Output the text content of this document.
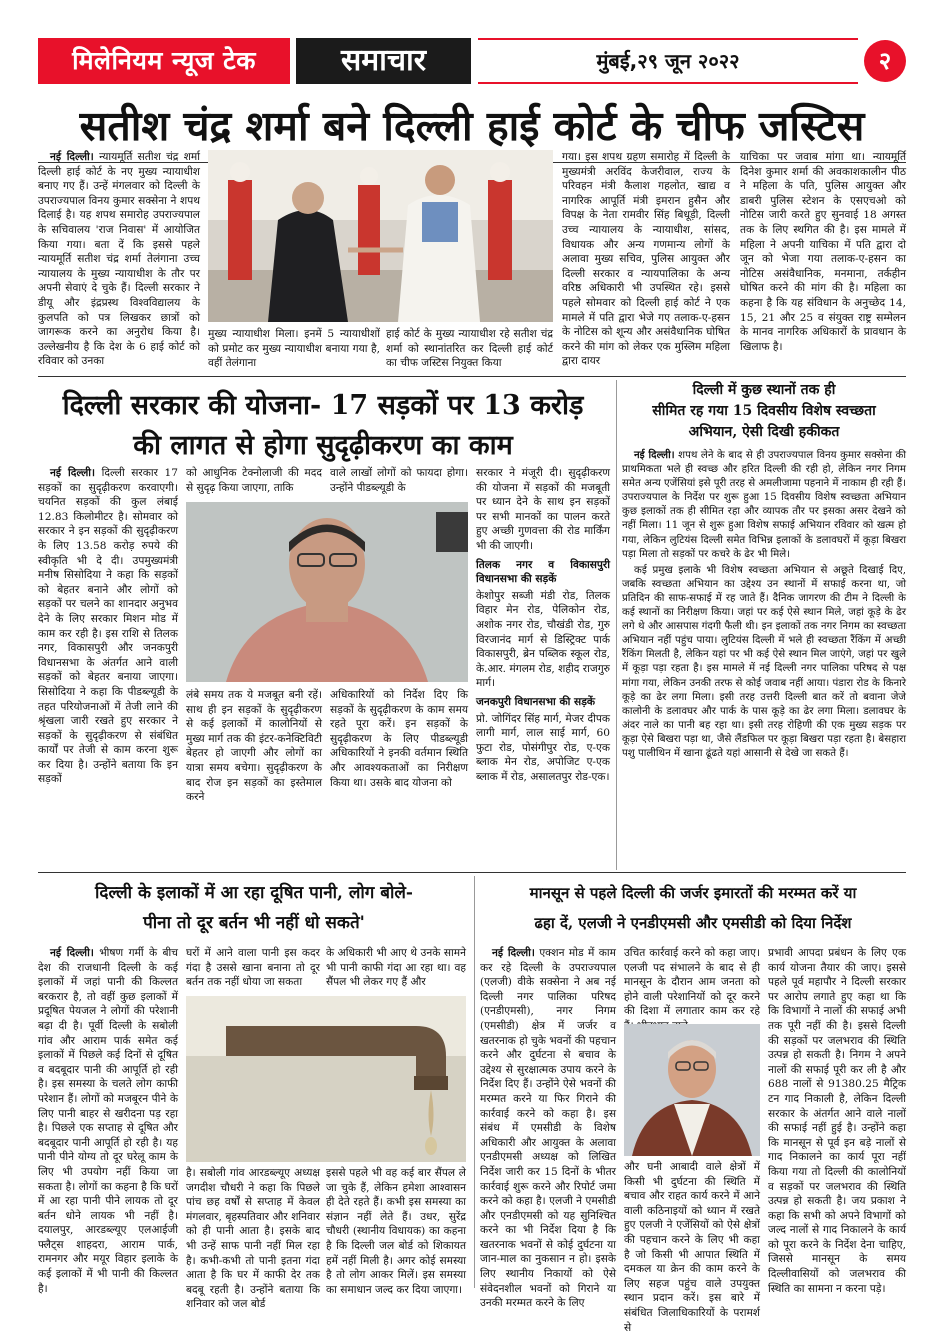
मिलेनियम न्यूज टेक	समाचार	मुंबई,२९ जून २०२२	२
सतीश चंद्र शर्मा बने दिल्ली हाई कोर्ट के चीफ जस्टिस

नई दिल्ली। न्यायमूर्ति सतीश चंद्र शर्मा दिल्ली हाई कोर्ट के नए मुख्य न्यायाधीश बनाए गए हैं। उन्हें मंगलवार को दिल्ली के उपराज्यपाल विनय कुमार सक्सेना ने शपथ दिलाई है। यह शपथ समारोह उपराज्यपाल के सचिवालय 'राज निवास' में आयोजित किया गया। बता दें कि इससे पहले न्यायमूर्ति सतीश चंद्र शर्मा तेलंगाना उच्च न्यायालय के मुख्य न्यायाधीश के तौर पर अपनी सेवाएं दे चुके हैं। दिल्ली सरकार ने डीयू और इंद्रप्रस्थ विश्वविद्यालय के कुलपति को पत्र लिखकर छात्रों को जागरूक करने का अनुरोध किया है। उल्लेखनीय है कि देश के 6 हाई कोर्ट को रविवार को उनका

मुख्य न्यायाधीश मिला। इनमें 5 न्यायाधीशों को प्रमोट कर मुख्य न्यायाधीश बनाया गया है, वहीं तेलंगाना

हाई कोर्ट के मुख्य न्यायाधीश रहे सतीश चंद्र शर्मा को स्थानांतरित कर दिल्ली हाई कोर्ट का चीफ जस्टिस नियुक्त किया

गया। इस शपथ ग्रहण समारोह में दिल्ली के मुख्यमंत्री अरविंद केजरीवाल, राज्य के परिवहन मंत्री कैलाश गहलोत, खाद्य व नागरिक आपूर्ति मंत्री इमरान हुसैन और विपक्ष के नेता रामवीर सिंह बिधूड़ी, दिल्ली उच्च न्यायालय के न्यायाधीश, सांसद, विधायक और अन्य गणमान्य लोगों के अलावा मुख्य सचिव, पुलिस आयुक्त और दिल्ली सरकार व न्यायपालिका के अन्य वरिष्ठ अधिकारी भी उपस्थित रहे। इससे पहले सोमवार को दिल्ली हाई कोर्ट ने एक मामले में पति द्वारा भेजे गए तलाक-ए-हसन के नोटिस को शून्य और असंवैधानिक घोषित करने की मांग को लेकर एक मुस्लिम महिला द्वारा दायर

याचिका पर जवाब मांगा था। न्यायमूर्ति दिनेश कुमार शर्मा की अवकाशकालीन पीठ ने महिला के पति, पुलिस आयुक्त और डाबरी पुलिस स्टेशन के एसएचओ को नोटिस जारी करते हुए सुनवाई 18 अगस्त तक के लिए स्थगित की है। इस मामले में महिला ने अपनी याचिका में पति द्वारा दो जून को भेजा गया तलाक-ए-हसन का नोटिस असंवैधानिक, मनमाना, तर्कहीन घोषित करने की मांग की है। महिला का कहना है कि यह संविधान के अनुच्छेद 14, 15, 21 और 25 व संयुक्त राष्ट्र सम्मेलन के मानव नागरिक अधिकारों के प्रावधान के खिलाफ है।

दिल्ली सरकार की योजना- 17 सड़कों पर 13 करोड़
की लागत से होगा सुदृढ़ीकरण का काम

नई दिल्ली। दिल्ली सरकार 17 सड़कों का सुदृढ़ीकरण करवाएगी। चयनित सड़कों की कुल लंबाई 12.83 किलोमीटर है। सोमवार को सरकार ने इन सड़कों की सुदृढ़ीकरण के लिए 13.58 करोड़ रुपये की स्वीकृति भी दे दी। उपमुख्यमंत्री मनीष सिसोदिया ने कहा कि सड़कों को बेहतर बनाने और लोगों को सड़कों पर चलने का शानदार अनुभव देने के लिए सरकार मिशन मोड में काम कर रही है। इस राशि से तिलक नगर, विकासपुरी और जनकपुरी विधानसभा के अंतर्गत आने वाली सड़कों को बेहतर बनाया जाएगा। सिसोदिया ने कहा कि पीडब्ल्यूडी के तहत परियोजनाओं में तेजी लाने की श्रृंखला जारी रखते हुए सरकार ने सड़कों के सुदृढ़ीकरण से संबंधित कार्यों पर तेजी से काम करना शुरू कर दिया है। उन्होंने बताया कि इन सड़कों

को आधुनिक टेक्नोलाजी की मदद से सुदृढ़ किया जाएगा, ताकि

वाले लाखों लोगों को फायदा होगा। उन्होंने पीडब्ल्यूडी के

लंबे समय तक ये मजबूत बनी रहें। साथ ही इन सड़कों के सुदृढ़ीकरण से कई इलाकों में कालोनियों से मुख्य मार्ग तक की इंटर-कनेक्टिविटी बेहतर हो जाएगी और लोगों का यात्रा समय बचेगा। सुदृढ़ीकरण के बाद रोज इन सड़कों का इस्तेमाल करने

अधिकारियों को निर्देश दिए कि सड़कों के सुदृढ़ीकरण के काम समय रहते पूरा करें। इन सड़कों के सुदृढ़ीकरण के लिए पीडब्ल्यूडी अधिकारियों ने इनकी वर्तमान स्थिति और आवश्यकताओं का निरीक्षण किया था। उसके बाद योजना को

सरकार ने मंजूरी दी। सुदृढ़ीकरण की योजना में सड़कों की मजबूती पर ध्यान देने के साथ इन सड़कों पर सभी मानकों का पालन करते हुए अच्छी गुणवत्ता की रोड मार्किंग भी की जाएगी।

तिलक नगर व विकासपुरी विधानसभा की सड़कें

केशोपुर सब्जी मंडी रोड, तिलक विहार मेन रोड, पेलिकोन रोड, अशोक नगर रोड, चौखंडी रोड, गुरु विरजानंद मार्ग से डिस्ट्रिक्ट पार्क विकासपुरी, ब्रेन पब्लिक स्कूल रोड, के.आर. मंगलम रोड, शहीद राजगुरु मार्ग।

जनकपुरी विधानसभा की सड़कें

प्रो. जोगिंदर सिंह मार्ग, मेजर दीपक लागी मार्ग, लाल साई मार्ग, 60 फुटा रोड, पोसंगीपुर रोड, ए-एक ब्लाक मेन रोड, अपोजिट ए-एक ब्लाक में रोड, असालतपुर रोड-एक।

दिल्ली में कुछ स्थानों तक ही
सीमित रह गया 15 दिवसीय विशेष स्वच्छता
अभियान, ऐसी दिखी हकीकत

नई दिल्ली। शपथ लेने के बाद से ही उपराज्यपाल विनय कुमार सक्सेना की प्राथमिकता भले ही स्वच्छ और हरित दिल्ली की रही हो, लेकिन नगर निगम समेत अन्य एजेंसियां इसे पूरी तरह से अमलीजामा पहनाने में नाकाम ही रही हैं। उपराज्यपाल के निर्देश पर शुरू हुआ 15 दिवसीय विशेष स्वच्छता अभियान कुछ इलाकों तक ही सीमित रहा और व्यापक तौर पर इसका असर देखने को नहीं मिला। 11 जून से शुरू हुआ विशेष सफाई अभियान रविवार को खत्म हो गया, लेकिन लुटियंस दिल्ली समेत विभिन्न इलाकों के डलावघरों में कूड़ा बिखरा पड़ा मिला तो सड़कों पर कचरे के ढेर भी मिले।

कई प्रमुख इलाके भी विशेष स्वच्छता अभियान से अछूते दिखाई दिए, जबकि स्वच्छता अभियान का उद्देश्य उन स्थानों में सफाई करना था, जो प्रतिदिन की साफ-सफाई में रह जाते हैं। दैनिक जागरण की टीम ने दिल्ली के कई स्थानों का निरीक्षण किया। जहां पर कई ऐसे स्थान मिले, जहां कूड़े के ढेर लगे थे और आसपास गंदगी फैली थी। इन इलाकों तक नगर निगम का स्वच्छता अभियान नहीं पहुंच पाया। लुटियंस दिल्ली में भले ही स्वच्छता रैंकिंग में अच्छी रैंकिंग मिलती है, लेकिन यहां पर भी कई ऐसे स्थान मिल जाएंगे, जहां पर खुले में कूड़ा पड़ा रहता है। इस मामले में नई दिल्ली नगर पालिका परिषद से पक्ष मांगा गया, लेकिन उनकी तरफ से कोई जवाब नहीं आया। पंडारा रोड के किनारे कूड़े का ढेर लगा मिला। इसी तरह उत्तरी दिल्ली बात करें तो बवाना जेजे कालोनी के डलावघर और पार्क के पास कूड़े का ढेर लगा मिला। डलावघर के अंदर नाले का पानी बह रहा था। इसी तरह रोहिणी की एक मुख्य सड़क पर कूड़ा ऐसे बिखरा पड़ा था, जैसे लैंडफिल पर कूड़ा बिखरा पड़ा रहता है। बेसहारा पशु पालीथिन में खाना ढूंढते यहां आसानी से देखे जा सकते हैं।

दिल्ली के इलाकों में आ रहा दूषित पानी, लोग बोले-
पीना तो दूर बर्तन भी नहीं धो सकते'

नई दिल्ली। भीषण गर्मी के बीच देश की राजधानी दिल्ली के कई इलाकों में जहां पानी की किल्लत बरकरार है, तो वहीं कुछ इलाकों में प्रदूषित पेयजल ने लोगों की परेशानी बढ़ा दी है। पूर्वी दिल्ली के सबोली गांव और आराम पार्क समेत कई इलाकों में पिछले कई दिनों से दूषित व बदबूदार पानी की आपूर्ति हो रही है। इस समस्या के चलते लोग काफी परेशान हैं। लोगों को मजबूरन पीने के लिए पानी बाहर से खरीदना पड़ रहा है। पिछले एक सप्ताह से दूषित और बदबूदार पानी आपूर्ति हो रही है। यह पानी पीने योग्य तो दूर घरेलू काम के लिए भी उपयोग नहीं किया जा सकता है। लोगों का कहना है कि घरों में आ रहा पानी पीने लायक तो दूर बर्तन धोने लायक भी नहीं है। दयालपुर, आरडब्ल्यूए एलआईजी फ्लैट्स शाहदरा, आराम पार्क, रामनगर और मयूर विहार इलाके के कई इलाकों में भी पानी की किल्लत है।

घरों में आने वाला पानी इस कदर गंदा है उससे खाना बनाना तो दूर बर्तन तक नहीं धोया जा सकता

के अधिकारी भी आए थे उनके सामने भी पानी काफी गंदा आ रहा था। वह सैंपल भी लेकर गए हैं और

है। सबोली गांव आरडब्ल्यूए अध्यक्ष जगदीश चौधरी ने कहा कि पिछले पांच छह वर्षों से सप्ताह में केवल मंगलवार, बृहस्पतिवार और शनिवार को ही पानी आता है। इसके बाद भी उन्हें साफ पानी नहीं मिल रहा है। कभी-कभी तो पानी इतना गंदा आता है कि घर में काफी देर तक बदबू रहती है। उन्होंने बताया कि शनिवार को जल बोर्ड

इससे पहले भी वह कई बार सैंपल ले जा चुके हैं, लेकिन हमेशा आश्वासन ही देते रहते हैं। कभी इस समस्या का संज्ञान नहीं लेते हैं। उधर, सुरेंद्र चौधरी (स्थानीय विधायक) का कहना है कि दिल्ली जल बोर्ड को शिकायत हमें नहीं मिली है। अगर कोई समस्या है तो लोग आकर मिलें। इस समस्या का समाधान जल्द कर दिया जाएगा।

मानसून से पहले दिल्ली की जर्जर इमारतों की मरम्मत करें या
ढहा दें, एलजी ने एनडीएमसी और एमसीडी को दिया निर्देश

नई दिल्ली। एक्शन मोड में काम कर रहे दिल्ली के उपराज्यपाल (एलजी) वीके सक्सेना ने अब नई दिल्ली नगर पालिका परिषद (एनडीएमसी), नगर निगम (एमसीडी) क्षेत्र में जर्जर व खतरनाक हो चुके भवनों की पहचान करने और दुर्घटना से बचाव के उद्देश्य से सुरक्षात्मक उपाय करने के निर्देश दिए हैं। उन्होंने ऐसे भवनों की मरम्मत करने या फिर गिराने की कार्रवाई करने को कहा है। इस संबंध में एमसीडी के विशेष अधिकारी और आयुक्त के अलावा एनडीएमसी अध्यक्ष को लिखित निर्देश जारी कर 15 दिनों के भीतर कार्रवाई शुरू करने और रिपोर्ट जमा करने को कहा है। एलजी ने एमसीडी और एनडीएमसी को यह सुनिश्चित करने का भी निर्देश दिया है कि खतरनाक भवनों से कोई दुर्घटना या जान-माल का नुकसान न हो। इसके लिए स्थानीय निकायों को ऐसे संवेदनशील भवनों को गिराने या उनकी मरम्मत करने के लिए

उचित कार्रवाई करने को कहा जाए। एलजी पद संभालने के बाद से ही मानसून के दौरान आम जनता को होने वाली परेशानियों को दूर करने की दिशा में लगातार काम कर रहे

और घनी आबादी वाले क्षेत्रों में किसी भी दुर्घटना की स्थिति में बचाव और राहत कार्य करने में आने वाली कठिनाइयों को ध्यान में रखते हुए एलजी ने एजेंसियों को ऐसे क्षेत्रों की पहचान करने के लिए भी कहा है जो किसी भी आपात स्थिति में दमकल या क्रेन की काम करने के लिए सहज पहुंच वाले उपयुक्त स्थान प्रदान करें। इस बारे में संबंधित जिलाधिकारियों के परामर्श से

प्रभावी आपदा प्रबंधन के लिए एक कार्य योजना तैयार की जाए। इससे पहले पूर्व महापौर ने दिल्ली सरकार पर आरोप लगाते हुए कहा था कि कि विभागों ने नालों की सफाई अभी तक पूरी नहीं की है। इससे दिल्ली की सड़कों पर जलभराव की स्थिति उत्पन्न हो सकती है। निगम ने अपने नालों की सफाई पूरी कर ली है और 688 नालों से 91380.25 मैट्रिक टन गाद निकाली है, लेकिन दिल्ली सरकार के अंतर्गत आने वाले नालों की सफाई नहीं हुई है। उन्होंने कहा कि मानसून से पूर्व इन बड़े नालों से गाद निकालने का कार्य पूरा नहीं किया गया तो दिल्ली की कालोनियों व सड़कों पर जलभराव की स्थिति उत्पन्न हो सकती है। जय प्रकाश ने कहा कि सभी को अपने विभागों को जल्द नालों से गाद निकालने के कार्य को पूरा करने के निर्देश देना चाहिए, जिससे मानसून के समय दिल्लीवासियों को जलभराव की स्थिति का सामना न करना पड़े।
